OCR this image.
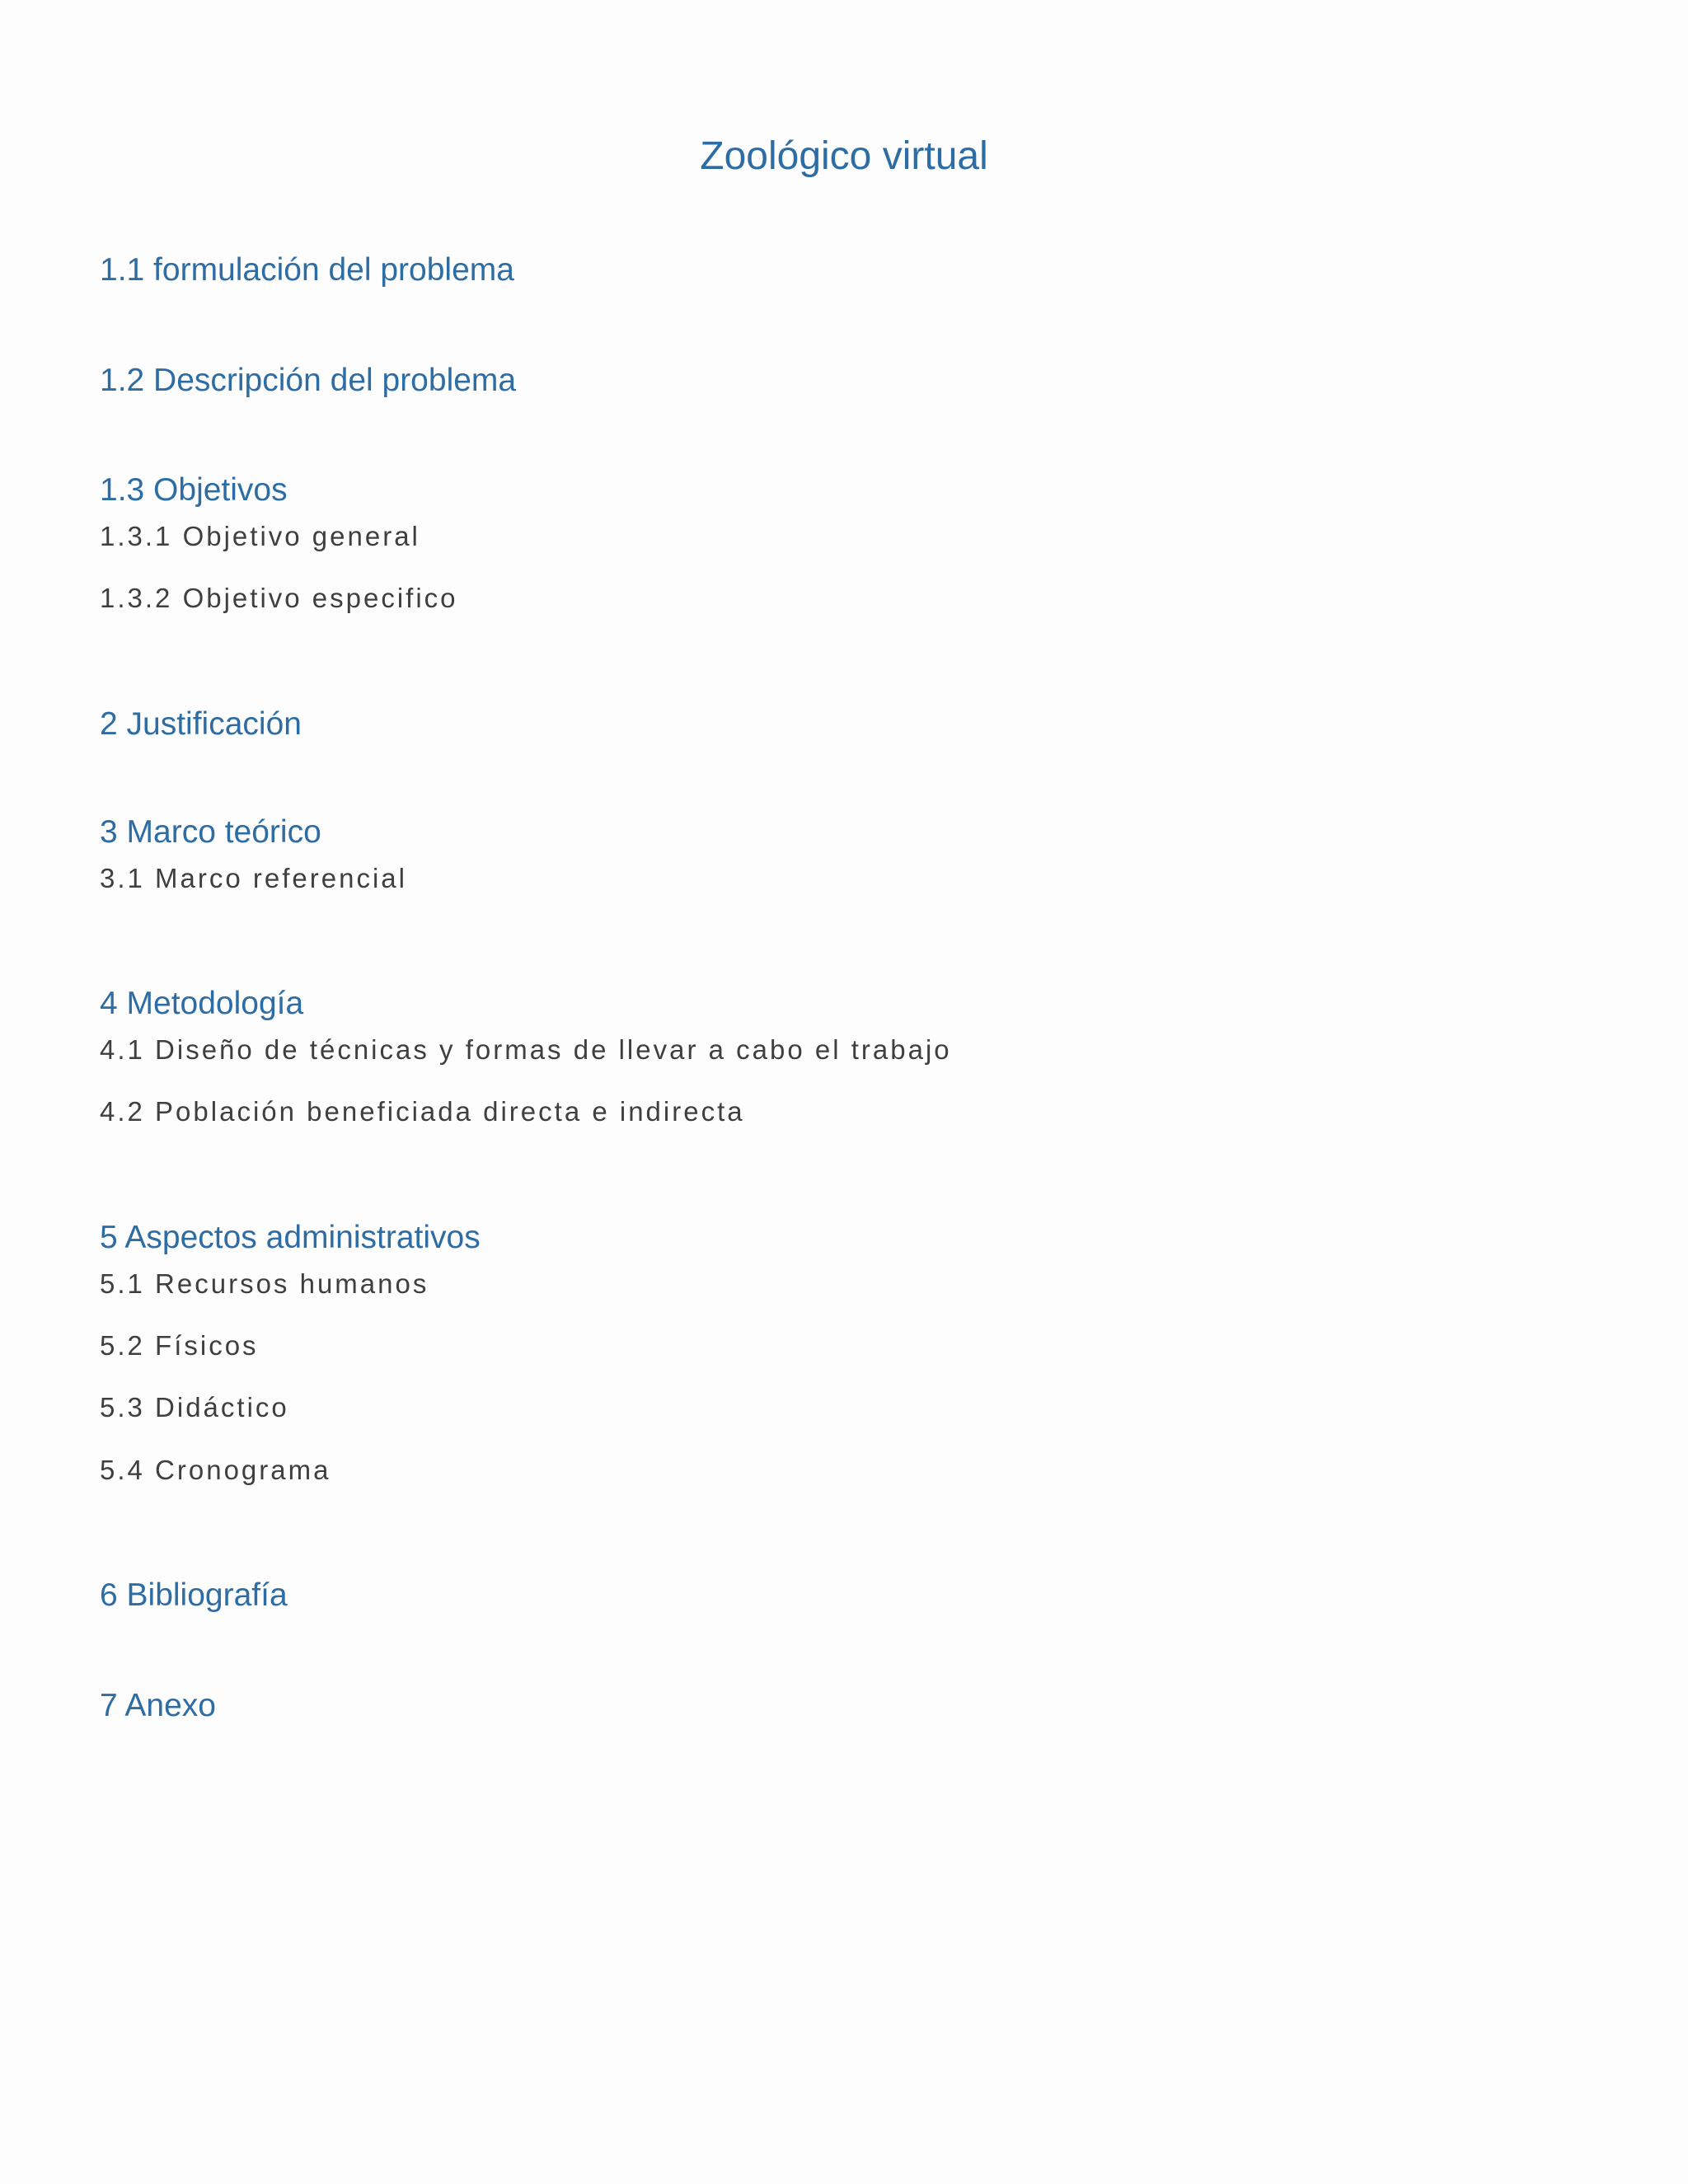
Zoológico virtual
1.1 formulación del problema
1.2 Descripción del problema
1.3 Objetivos
1.3.1 Objetivo general
1.3.2 Objetivo especifico
2 Justificación
3 Marco teórico
3.1 Marco referencial
4 Metodología
4.1 Diseño de técnicas y formas de llevar a cabo el trabajo
4.2 Población beneficiada directa e indirecta
5 Aspectos administrativos
5.1 Recursos humanos
5.2 Físicos
5.3 Didáctico
5.4 Cronograma
6 Bibliografía
7 Anexo
